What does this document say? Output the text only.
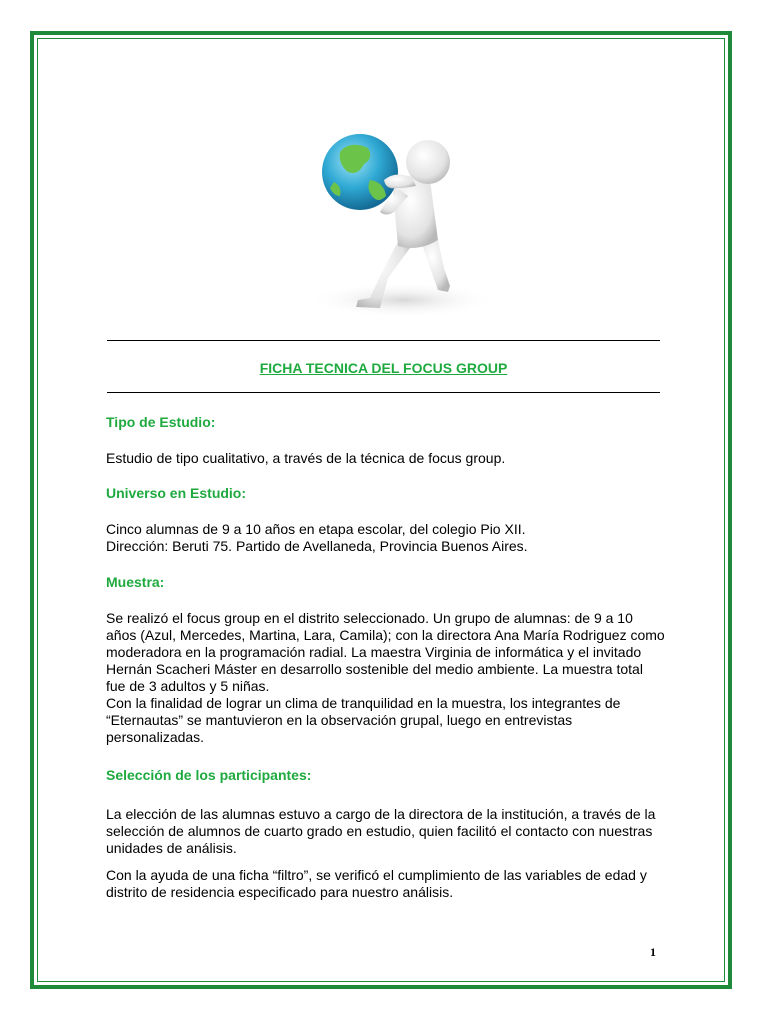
FICHA TECNICA DEL FOCUS GROUP
Tipo de Estudio:

Estudio de tipo cualitativo, a través de la técnica de focus group.

Universo en Estudio:

Cinco alumnas de 9 a 10 años en etapa escolar, del colegio Pio XII.

Dirección: Beruti 75. Partido de Avellaneda, Provincia Buenos Aires.

Muestra:

Se realizó el focus group en el distrito seleccionado. Un grupo de alumnas: de 9 a 10 años (Azul, Mercedes, Martina, Lara, Camila); con la directora Ana María Rodriguez como moderadora en la programación radial. La maestra Virginia de informática y el invitado Hernán Scacheri Máster en desarrollo sostenible del medio ambiente. La muestra total fue de 3 adultos y 5 niñas.

Con la finalidad de lograr un clima de tranquilidad en la muestra, los integrantes de “Eternautas” se mantuvieron en la observación grupal, luego en entrevistas personalizadas.

Selección de los participantes:

La elección de las alumnas estuvo a cargo de la directora de la institución, a través de la selección de alumnos de cuarto grado en estudio, quien facilitó el contacto con nuestras unidades de análisis.

Con la ayuda de una ficha “filtro”, se verificó el cumplimiento de las variables de edad y distrito de residencia especificado para nuestro análisis.

1
